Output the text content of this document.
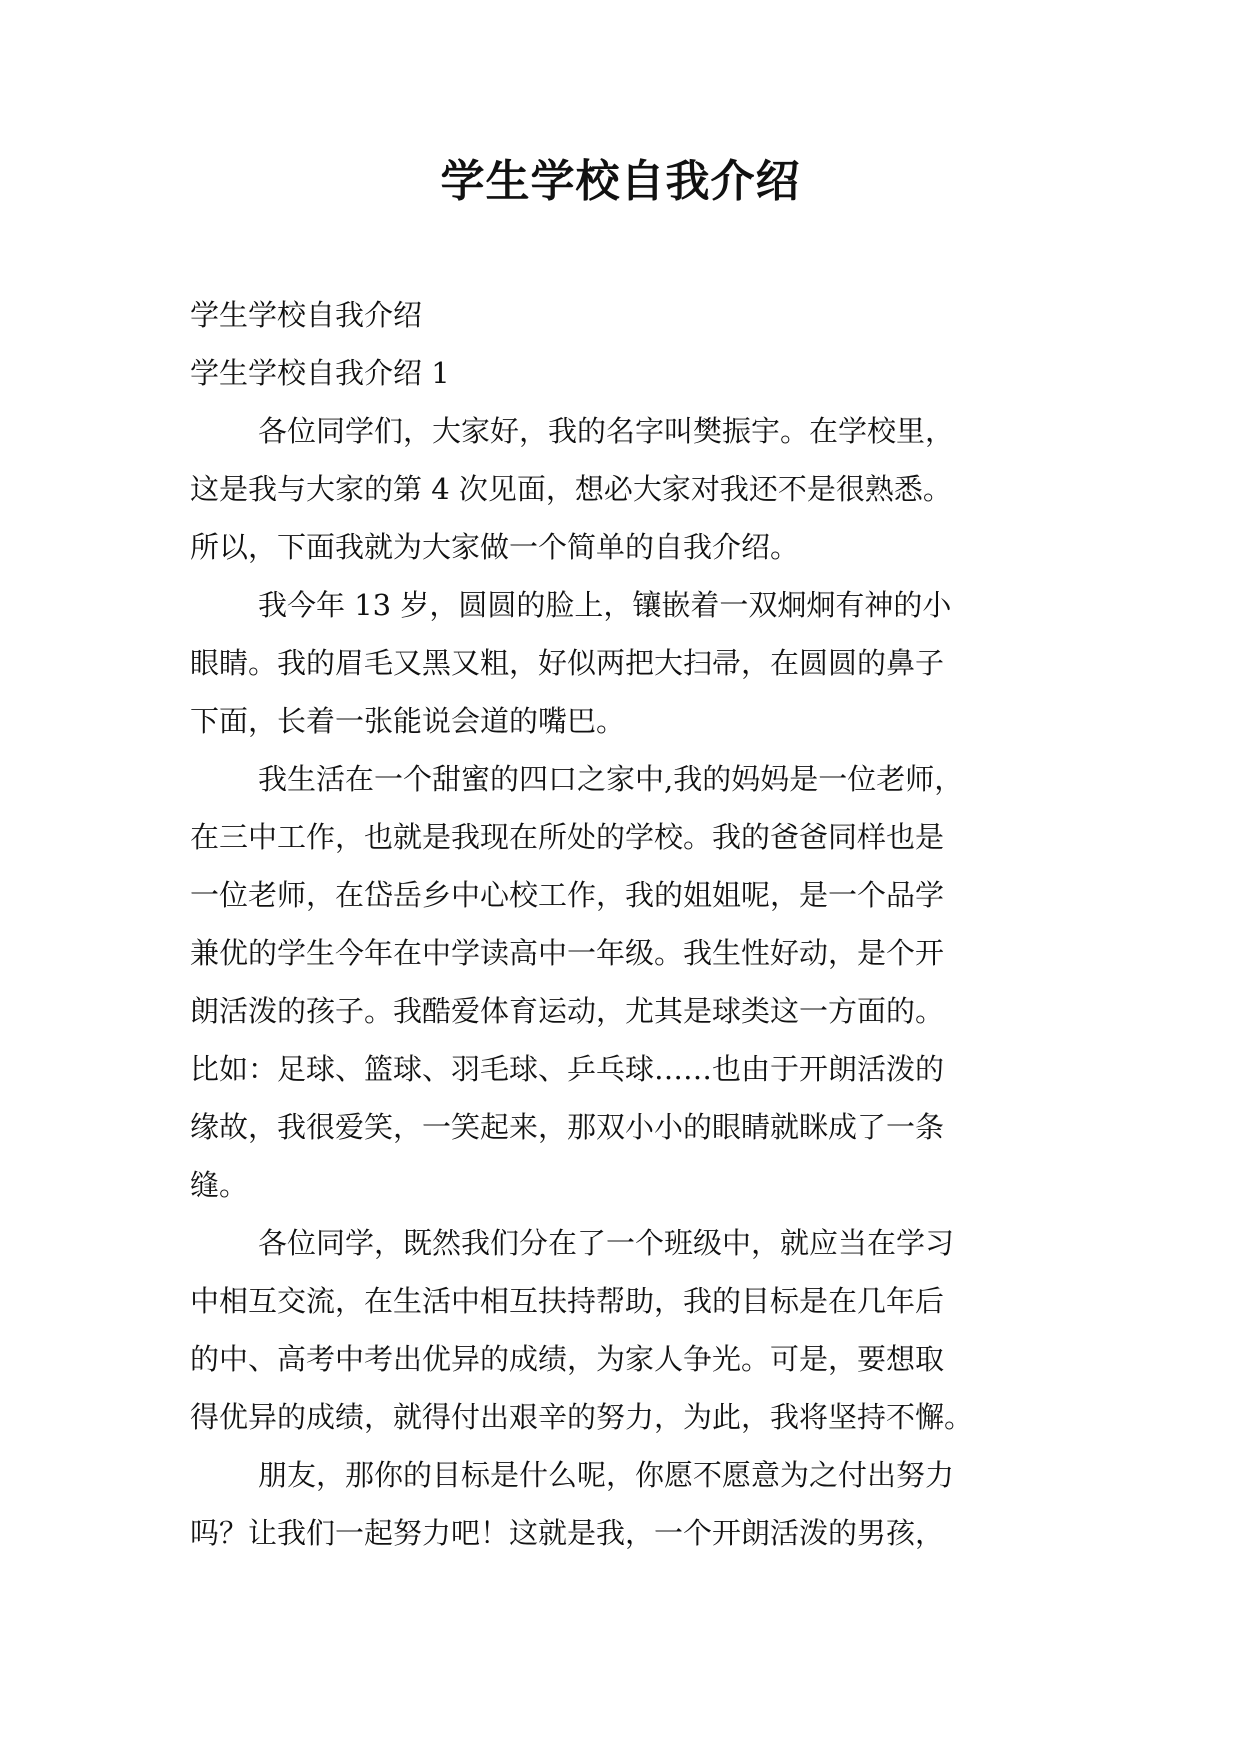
学生学校自我介绍

学生学校自我介绍

学生学校自我介绍 1

各位同学们，大家好，我的名字叫樊振宇。在学校里，

这是我与大家的第 4 次见面，想必大家对我还不是很熟悉。

所以，下面我就为大家做一个简单的自我介绍。

我今年 13 岁，圆圆的脸上，镶嵌着一双炯炯有神的小

眼睛。我的眉毛又黑又粗，好似两把大扫帚，在圆圆的鼻子

下面，长着一张能说会道的嘴巴。

我生活在一个甜蜜的四口之家中,我的妈妈是一位老师，

在三中工作，也就是我现在所处的学校。我的爸爸同样也是

一位老师，在岱岳乡中心校工作，我的姐姐呢，是一个品学

兼优的学生今年在中学读高中一年级。我生性好动，是个开

朗活泼的孩子。我酷爱体育运动，尤其是球类这一方面的。

比如：足球、篮球、羽毛球、乒乓球……也由于开朗活泼的

缘故，我很爱笑，一笑起来，那双小小的眼睛就眯成了一条

缝。

各位同学，既然我们分在了一个班级中，就应当在学习

中相互交流，在生活中相互扶持帮助，我的目标是在几年后

的中、高考中考出优异的成绩，为家人争光。可是，要想取

得优异的成绩，就得付出艰辛的努力，为此，我将坚持不懈。

朋友，那你的目标是什么呢，你愿不愿意为之付出努力

吗？让我们一起努力吧！这就是我，一个开朗活泼的男孩，
